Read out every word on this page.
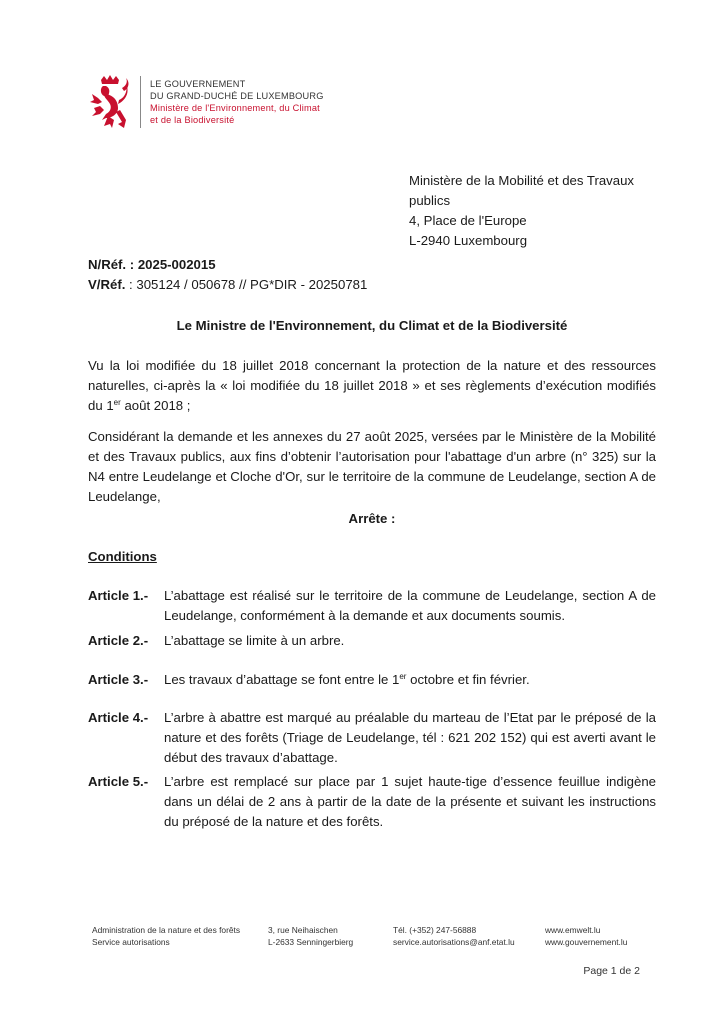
LE GOUVERNEMENT
DU GRAND-DUCHÉ DE LUXEMBOURG
Ministère de l'Environnement, du Climat
et de la Biodiversité
Ministère de la Mobilité et des Travaux
publics
4, Place de l'Europe
L-2940 Luxembourg
N/Réf. : 2025-002015
V/Réf. : 305124 / 050678 // PG*DIR - 20250781
Le Ministre de l'Environnement, du Climat et de la Biodiversité
Vu la loi modifiée du 18 juillet 2018 concernant la protection de la nature et des ressources naturelles, ci-après la « loi modifiée du 18 juillet 2018 » et ses règlements d’exécution modifiés du 1er août 2018 ;
Considérant la demande et les annexes du 27 août 2025, versées par le Ministère de la Mobilité et des Travaux publics, aux fins d’obtenir l’autorisation pour l'abattage d'un arbre (n° 325) sur la N4 entre Leudelange et Cloche d'Or, sur le territoire de la commune de Leudelange, section A de Leudelange,
Arrête :
Conditions
Article 1.- L’abattage est réalisé sur le territoire de la commune de Leudelange, section A de Leudelange, conformément à la demande et aux documents soumis.
Article 2.- L’abattage se limite à un arbre.
Article 3.- Les travaux d’abattage se font entre le 1er octobre et fin février.
Article 4.- L’arbre à abattre est marqué au préalable du marteau de l’Etat par le préposé de la nature et des forêts (Triage de Leudelange, tél : 621 202 152) qui est averti avant le début des travaux d’abattage.
Article 5.- L’arbre est remplacé sur place par 1 sujet haute-tige d’essence feuillue indigène dans un délai de 2 ans à partir de la date de la présente et suivant les instructions du préposé de la nature et des forêts.
Administration de la nature et des forêts
Service autorisations
3, rue Neihaischen
L-2633 Senningerbierg
Tél. (+352) 247-56888
service.autorisations@anf.etat.lu
www.emwelt.lu
www.gouvernement.lu
Page 1 de 2
